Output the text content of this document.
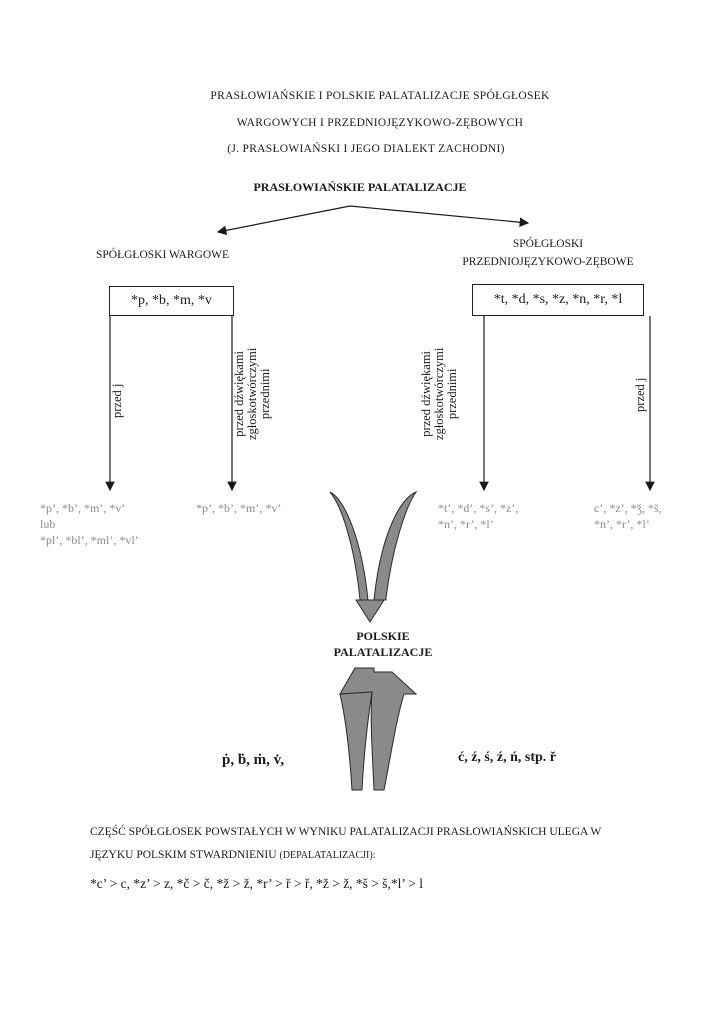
PRASŁOWIAŃSKIE I POLSKIE PALATALIZACJE SPÓŁGŁOSEK
WARGOWYCH I PRZEDNIOJĘZYKOWO-ZĘBOWYCH
(J. PRASŁOWIAŃSKI I JEGO DIALEKT ZACHODNI)
PRASŁOWIAŃSKIE PALATALIZACJE
SPÓŁGŁOSKI WARGOWE
*p, *b, *m, *v
przed j	przed dźwiękami zgłoskotwórczymi przednimi
*p’, *b’, *m’, *v’
lub
*pl’, *bl’, *ml’, *vl’
*p’, *b’, *m’, *v’
SPÓŁGŁOSKI
PRZEDNIOJĘZYKOWO-ZĘBOWE
*t, *d, *s, *z, *n, *r, *l
przed dźwiękami zgłoskotwórczymi przednimi	przed j
*t’, *d’, *s’, *z’,
*n’, *r’, *l’
c’, *z’, *ǯ, *š,
*n’, *r’, *l’
POLSKIE
PALATALIZACJE
ṗ, ḃ, ṁ, v̇,	ć, ź, ś, ź, ń, stp. ř
CZĘŚĆ SPÓŁGŁOSEK POWSTAŁYCH W WYNIKU PALATALIZACJI PRASŁOWIAŃSKICH ULEGA W
JĘZYKU POLSKIM STWARDNIENIU (DEPALATALIZACJI):
*c’ > c, *z’ > z, *č > č, *ž > ž, *r’ > ř > ř, *ž > ž, *š > š,*l’ > l
